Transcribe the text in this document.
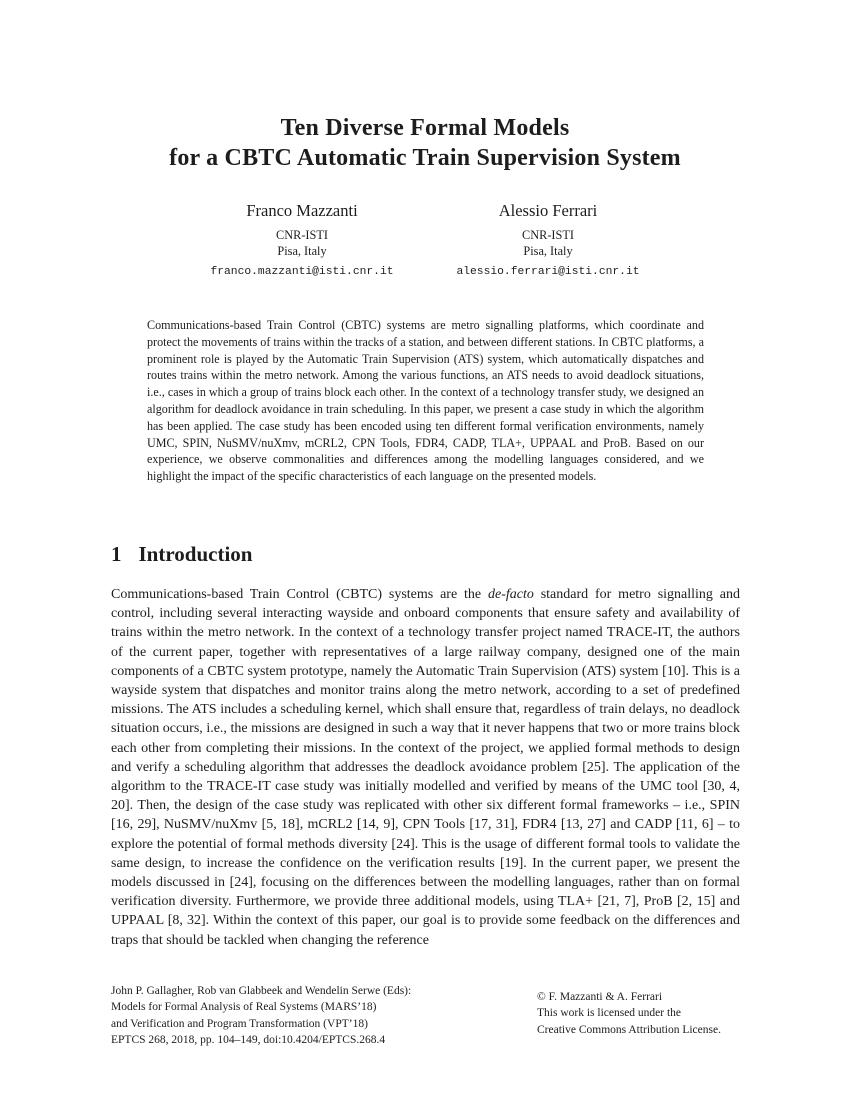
Ten Diverse Formal Models
for a CBTC Automatic Train Supervision System
Franco Mazzanti
CNR-ISTI
Pisa, Italy
franco.mazzanti@isti.cnr.it
Alessio Ferrari
CNR-ISTI
Pisa, Italy
alessio.ferrari@isti.cnr.it

Communications-based Train Control (CBTC) systems are metro signalling platforms, which coordinate and protect the movements of trains within the tracks of a station, and between different stations. In CBTC platforms, a prominent role is played by the Automatic Train Supervision (ATS) system, which automatically dispatches and routes trains within the metro network. Among the various functions, an ATS needs to avoid deadlock situations, i.e., cases in which a group of trains block each other. In the context of a technology transfer study, we designed an algorithm for deadlock avoidance in train scheduling. In this paper, we present a case study in which the algorithm has been applied. The case study has been encoded using ten different formal verification environments, namely UMC, SPIN, NuSMV/nuXmv, mCRL2, CPN Tools, FDR4, CADP, TLA+, UPPAAL and ProB. Based on our experience, we observe commonalities and differences among the modelling languages considered, and we highlight the impact of the specific characteristics of each language on the presented models.

1 Introduction

Communications-based Train Control (CBTC) systems are the de-facto standard for metro signalling and control, including several interacting wayside and onboard components that ensure safety and availability of trains within the metro network. In the context of a technology transfer project named TRACE-IT, the authors of the current paper, together with representatives of a large railway company, designed one of the main components of a CBTC system prototype, namely the Automatic Train Supervision (ATS) system [10]. This is a wayside system that dispatches and monitor trains along the metro network, according to a set of predefined missions. The ATS includes a scheduling kernel, which shall ensure that, regardless of train delays, no deadlock situation occurs, i.e., the missions are designed in such a way that it never happens that two or more trains block each other from completing their missions. In the context of the project, we applied formal methods to design and verify a scheduling algorithm that addresses the deadlock avoidance problem [25]. The application of the algorithm to the TRACE-IT case study was initially modelled and verified by means of the UMC tool [30, 4, 20]. Then, the design of the case study was replicated with other six different formal frameworks – i.e., SPIN [16, 29], NuSMV/nuXmv [5, 18], mCRL2 [14, 9], CPN Tools [17, 31], FDR4 [13, 27] and CADP [11, 6] – to explore the potential of formal methods diversity [24]. This is the usage of different formal tools to validate the same design, to increase the confidence on the verification results [19]. In the current paper, we present the models discussed in [24], focusing on the differences between the modelling languages, rather than on formal verification diversity. Furthermore, we provide three additional models, using TLA+ [21, 7], ProB [2, 15] and UPPAAL [8, 32]. Within the context of this paper, our goal is to provide some feedback on the differences and traps that should be tackled when changing the reference

John P. Gallagher, Rob van Glabbeek and Wendelin Serwe (Eds):
Models for Formal Analysis of Real Systems (MARS’18)
and Verification and Program Transformation (VPT’18)
EPTCS 268, 2018, pp. 104–149, doi:10.4204/EPTCS.268.4
© F. Mazzanti & A. Ferrari
This work is licensed under the
Creative Commons Attribution License.
